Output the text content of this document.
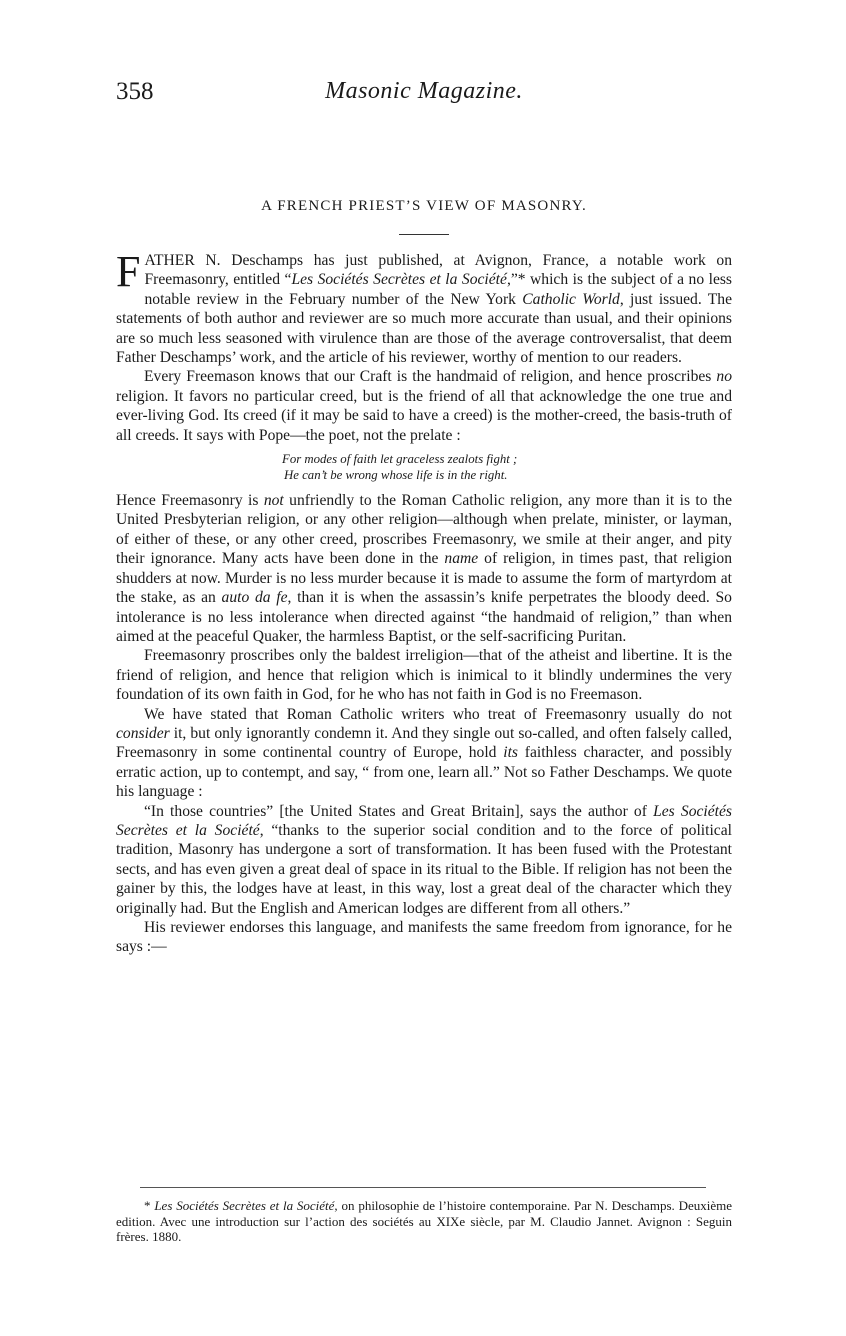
358	Masonic Magazine.
A FRENCH PRIEST’S VIEW OF MASONRY.

FATHER N. Deschamps has just published, at Avignon, France, a notable work on Freemasonry, entitled “Les Sociétés Secrètes et la Société,”* which is the subject of a no less notable review in the February number of the New York Catholic World, just issued. The statements of both author and reviewer are so much more accurate than usual, and their opinions are so much less seasoned with virulence than are those of the average controversalist, that deem Father Deschamps’ work, and the article of his reviewer, worthy of mention to our readers.

Every Freemason knows that our Craft is the handmaid of religion, and hence proscribes no religion. It favors no particular creed, but is the friend of all that acknowledge the one true and ever-living God. Its creed (if it may be said to have a creed) is the mother-creed, the basis-truth of all creeds. It says with Pope—the poet, not the prelate :

For modes of faith let graceless zealots fight ;
He can’t be wrong whose life is in the right.

Hence Freemasonry is not unfriendly to the Roman Catholic religion, any more than it is to the United Presbyterian religion, or any other religion—although when prelate, minister, or layman, of either of these, or any other creed, proscribes Freemasonry, we smile at their anger, and pity their ignorance. Many acts have been done in the name of religion, in times past, that religion shudders at now. Murder is no less murder because it is made to assume the form of martyrdom at the stake, as an auto da fe, than it is when the assassin’s knife perpetrates the bloody deed. So intolerance is no less intolerance when directed against “the handmaid of religion,” than when aimed at the peaceful Quaker, the harmless Baptist, or the self-sacrificing Puritan.

Freemasonry proscribes only the baldest irreligion—that of the atheist and libertine. It is the friend of religion, and hence that religion which is inimical to it blindly undermines the very foundation of its own faith in God, for he who has not faith in God is no Freemason.

We have stated that Roman Catholic writers who treat of Freemasonry usually do not consider it, but only ignorantly condemn it. And they single out so-called, and often falsely called, Freemasonry in some continental country of Europe, hold its faithless character, and possibly erratic action, up to contempt, and say, “ from one, learn all.” Not so Father Deschamps. We quote his language :

“In those countries” [the United States and Great Britain], says the author of Les Sociétés Secrètes et la Société, “thanks to the superior social condition and to the force of political tradition, Masonry has undergone a sort of transformation. It has been fused with the Protestant sects, and has even given a great deal of space in its ritual to the Bible. If religion has not been the gainer by this, the lodges have at least, in this way, lost a great deal of the character which they originally had. But the English and American lodges are different from all others.”

His reviewer endorses this language, and manifests the same freedom from ignorance, for he says :—

* Les Sociétés Secrètes et la Société, on philosophie de l’histoire contemporaine. Par N. Deschamps. Deuxième edition. Avec une introduction sur l’action des sociétés au XIXe siècle, par M. Claudio Jannet. Avignon : Seguin frères. 1880.
